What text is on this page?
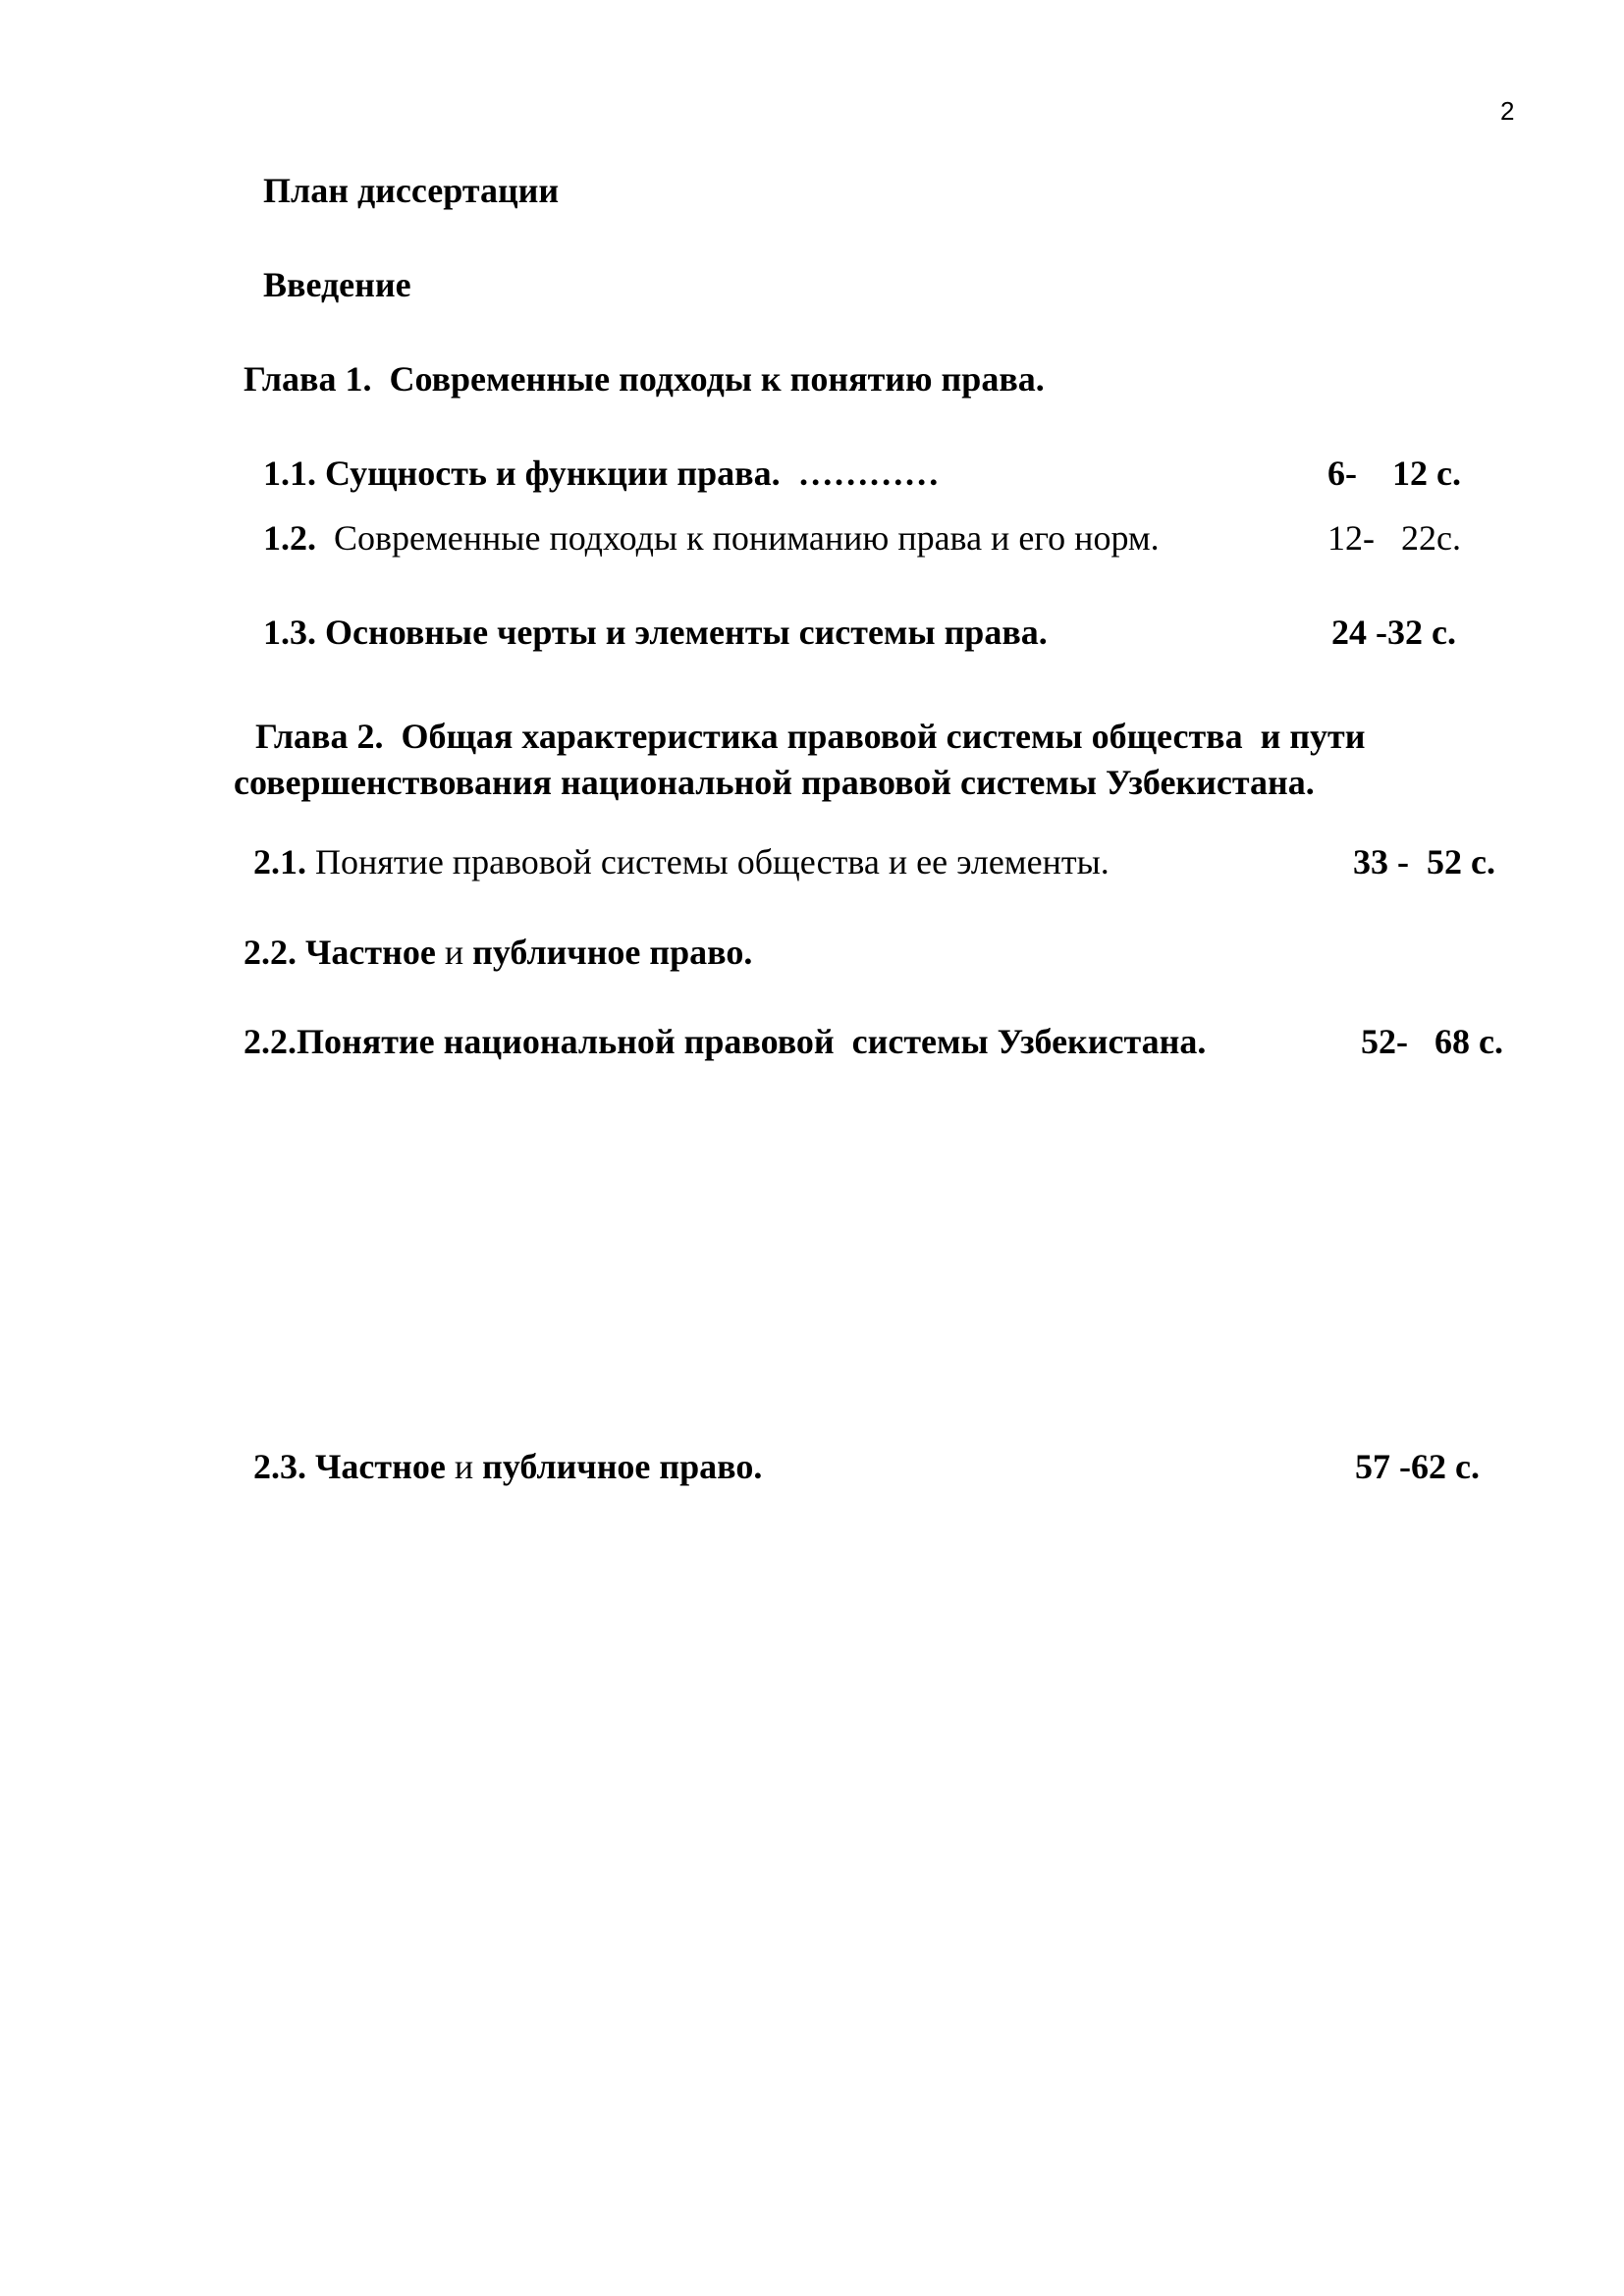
2
План диссертации
Введение
Глава 1.  Современные подходы к понятию права.
1.1. Сущность и функции права.  …………	6-    12 с.
1.2.  Современные подходы к пониманию права и его норм.	12-   22с.
1.3. Основные черты и элементы системы права.	24 -32 с.
Глава 2.  Общая характеристика правовой системы общества  и пути
совершенствования национальной правовой системы Узбекистана.
2.1. Понятие правовой системы общества и ее элементы.	33 -  52 с.
2.2. Частное и публичное право.
2.2.Понятие национальной правовой  системы Узбекистана.	52-   68 с.
2.3. Частное и публичное право.	57 -62 с.
